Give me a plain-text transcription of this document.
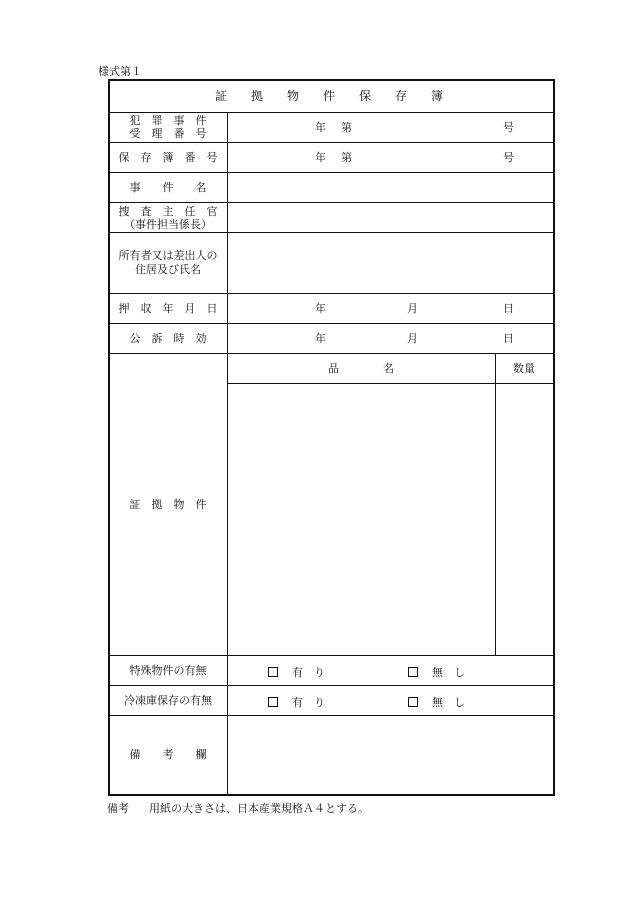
様式第１
証　拠　物　件　保　存　簿
犯　罪　事　件
受　理　番　号	年 第	号
保　存　簿　番　号	年 第	号
事　　件　　名
捜　査　主　任　官
（事件担当係長）
所有者又は差出人の
住居及び氏名
押　収　年　月　日	年	月	日
公　訴　時　効	年	月	日
証　拠　物　件
品　　　　名	数量
特殊物件の有無	有　り	無　し
冷凍庫保存の有無	有　り	無　し
備　　考　　欄
備考 用紙の大きさは、日本産業規格Ａ４とする。
